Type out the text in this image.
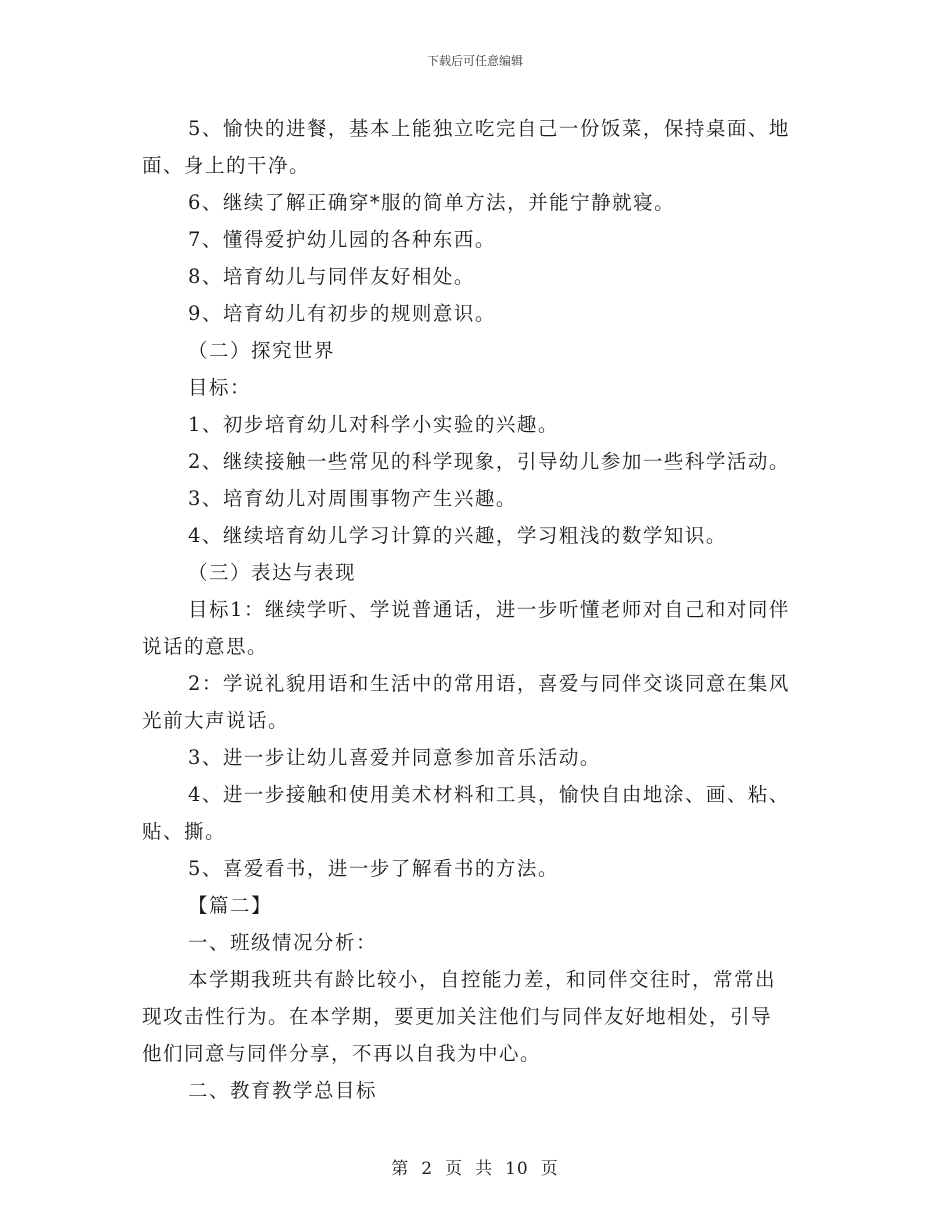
下载后可任意编辑
5、愉快的进餐，基本上能独立吃完自己一份饭菜，保持桌面、地
面、身上的干净。
6、继续了解正确穿*服的简单方法，并能宁静就寝。
7、懂得爱护幼儿园的各种东西。
8、培育幼儿与同伴友好相处。
9、培育幼儿有初步的规则意识。
（二）探究世界
目标：
1、初步培育幼儿对科学小实验的兴趣。
2、继续接触一些常见的科学现象，引导幼儿参加一些科学活动。
3、培育幼儿对周围事物产生兴趣。
4、继续培育幼儿学习计算的兴趣，学习粗浅的数学知识。
（三）表达与表现
目标1：继续学听、学说普通话，进一步听懂老师对自己和对同伴
说话的意思。
2：学说礼貌用语和生活中的常用语，喜爱与同伴交谈同意在集风
光前大声说话。
3、进一步让幼儿喜爱并同意参加音乐活动。
4、进一步接触和使用美术材料和工具，愉快自由地涂、画、粘、
贴、撕。
5、喜爱看书，进一步了解看书的方法。
【篇二】
一、班级情况分析：
本学期我班共有龄比较小，自控能力差，和同伴交往时，常常出
现攻击性行为。在本学期，要更加关注他们与同伴友好地相处，引导
他们同意与同伴分享，不再以自我为中心。
二、教育教学总目标
第 2 页 共 10 页
